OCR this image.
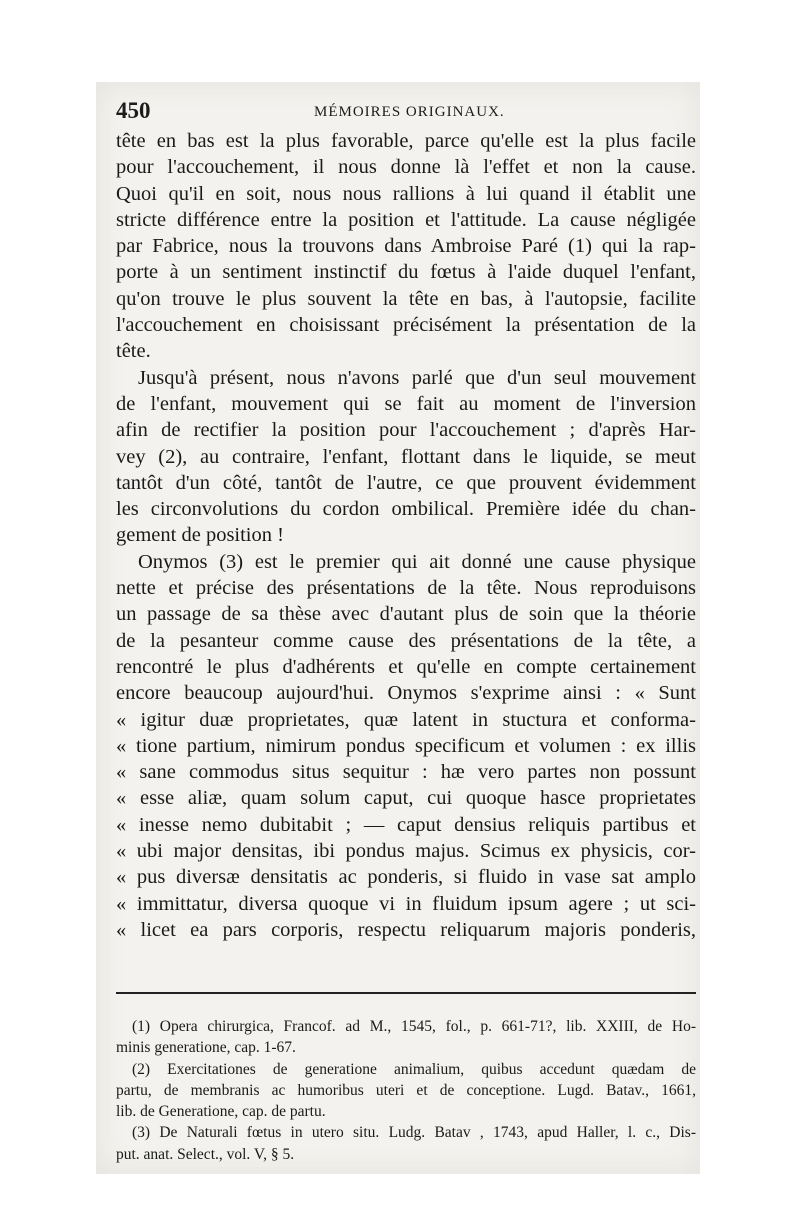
450	MÉMOIRES ORIGINAUX.
tête en bas est la plus favorable, parce qu'elle est la plus facile
pour l'accouchement, il nous donne là l'effet et non la cause.
Quoi qu'il en soit, nous nous rallions à lui quand il établit une
stricte différence entre la position et l'attitude. La cause négligée
par Fabrice, nous la trouvons dans Ambroise Paré (1) qui la rap-
porte à un sentiment instinctif du fœtus à l'aide duquel l'enfant,
qu'on trouve le plus souvent la tête en bas, à l'autopsie, facilite
l'accouchement en choisissant précisément la présentation de la
tête.
Jusqu'à présent, nous n'avons parlé que d'un seul mouvement
de l'enfant, mouvement qui se fait au moment de l'inversion
afin de rectifier la position pour l'accouchement ; d'après Har-
vey (2), au contraire, l'enfant, flottant dans le liquide, se meut
tantôt d'un côté, tantôt de l'autre, ce que prouvent évidemment
les circonvolutions du cordon ombilical. Première idée du chan-
gement de position !
Onymos (3) est le premier qui ait donné une cause physique
nette et précise des présentations de la tête. Nous reproduisons
un passage de sa thèse avec d'autant plus de soin que la théorie
de la pesanteur comme cause des présentations de la tête, a
rencontré le plus d'adhérents et qu'elle en compte certainement
encore beaucoup aujourd'hui. Onymos s'exprime ainsi : « Sunt
« igitur duæ proprietates, quæ latent in stuctura et conforma-
« tione partium, nimirum pondus specificum et volumen : ex illis
« sane commodus situs sequitur : hæ vero partes non possunt
« esse aliæ, quam solum caput, cui quoque hasce proprietates
« inesse nemo dubitabit ; — caput densius reliquis partibus et
« ubi major densitas, ibi pondus majus. Scimus ex physicis, cor-
« pus diversæ densitatis ac ponderis, si fluido in vase sat amplo
« immittatur, diversa quoque vi in fluidum ipsum agere ; ut sci-
« licet ea pars corporis, respectu reliquarum majoris ponderis,
(1) Opera chirurgica, Francof. ad M., 1545, fol., p. 661-71?, lib. XXIII, de Ho-
minis generatione, cap. 1-67.
(2) Exercitationes de generatione animalium, quibus accedunt quædam de
partu, de membranis ac humoribus uteri et de conceptione. Lugd. Batav., 1661,
lib. de Generatione, cap. de partu.
(3) De Naturali fœtus in utero situ. Ludg. Batav , 1743, apud Haller, l. c., Dis-
put. anat. Select., vol. V, § 5.
